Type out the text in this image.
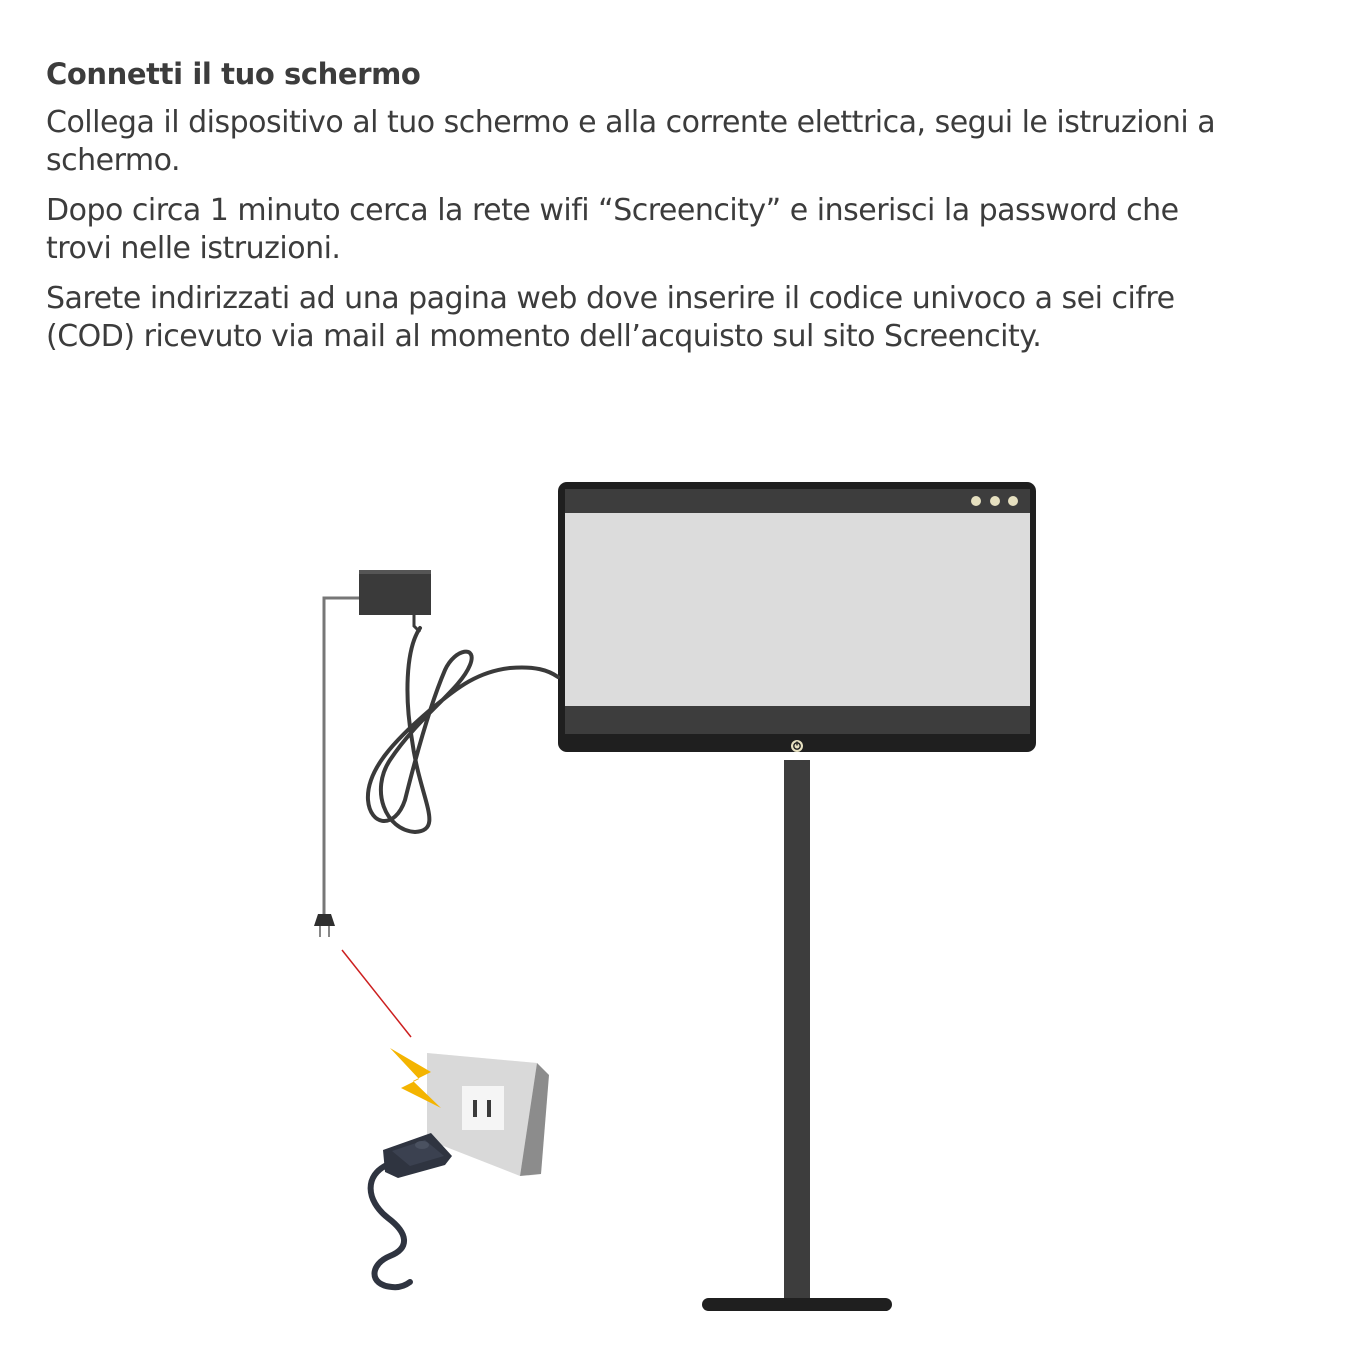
Connetti il tuo schermo
Collega il dispositivo al tuo schermo e alla corrente elettrica, segui le istruzioni a schermo.
Dopo circa 1 minuto cerca la rete wifi “Screencity” e inserisci la password che trovi nelle istruzioni.
Sarete indirizzati ad una pagina web dove inserire il codice univoco a sei cifre (COD) ricevuto via mail al momento dell’acquisto sul sito Screencity.
